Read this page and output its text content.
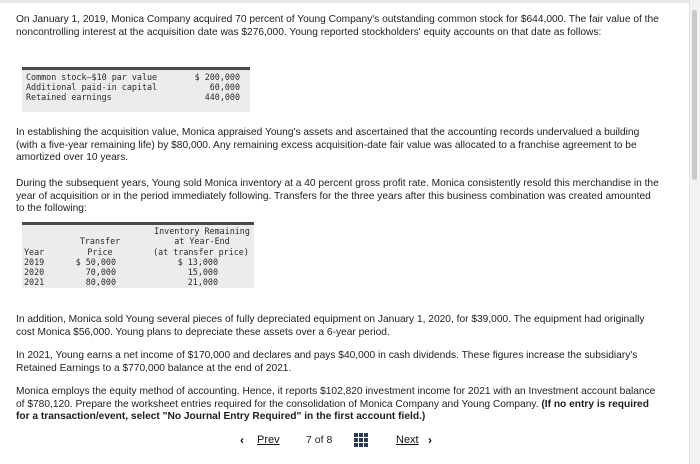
On January 1, 2019, Monica Company acquired 70 percent of Young Company's outstanding common stock for $644,000. The fair value of the noncontrolling interest at the acquisition date was $276,000. Young reported stockholders' equity accounts on that date as follows:

Common stock—$10 par value	$ 200,000
Additional paid-in capital	60,000
Retained earnings	440,000

In establishing the acquisition value, Monica appraised Young's assets and ascertained that the accounting records undervalued a building (with a five-year remaining life) by $80,000. Any remaining excess acquisition-date fair value was allocated to a franchise agreement to be amortized over 10 years.

During the subsequent years, Young sold Monica inventory at a 40 percent gross profit rate. Monica consistently resold this merchandise in the year of acquisition or in the period immediately following. Transfers for the three years after this business combination was created amounted to the following:

Inventory Remaining
Transfer	at Year-End
Year	Price	(at transfer price)
2019	$ 50,000	$ 13,000
2020	70,000	15,000
2021	80,000	21,000

In addition, Monica sold Young several pieces of fully depreciated equipment on January 1, 2020, for $39,000. The equipment had originally cost Monica $56,000. Young plans to depreciate these assets over a 6-year period.

In 2021, Young earns a net income of $170,000 and declares and pays $40,000 in cash dividends. These figures increase the subsidiary's Retained Earnings to a $770,000 balance at the end of 2021.

Monica employs the equity method of accounting. Hence, it reports $102,820 investment income for 2021 with an Investment account balance of $780,120. Prepare the worksheet entries required for the consolidation of Monica Company and Young Company. (If no entry is required for a transaction/event, select "No Journal Entry Required" in the first account field.)

‹ Prev	7 of 8	Next ›
